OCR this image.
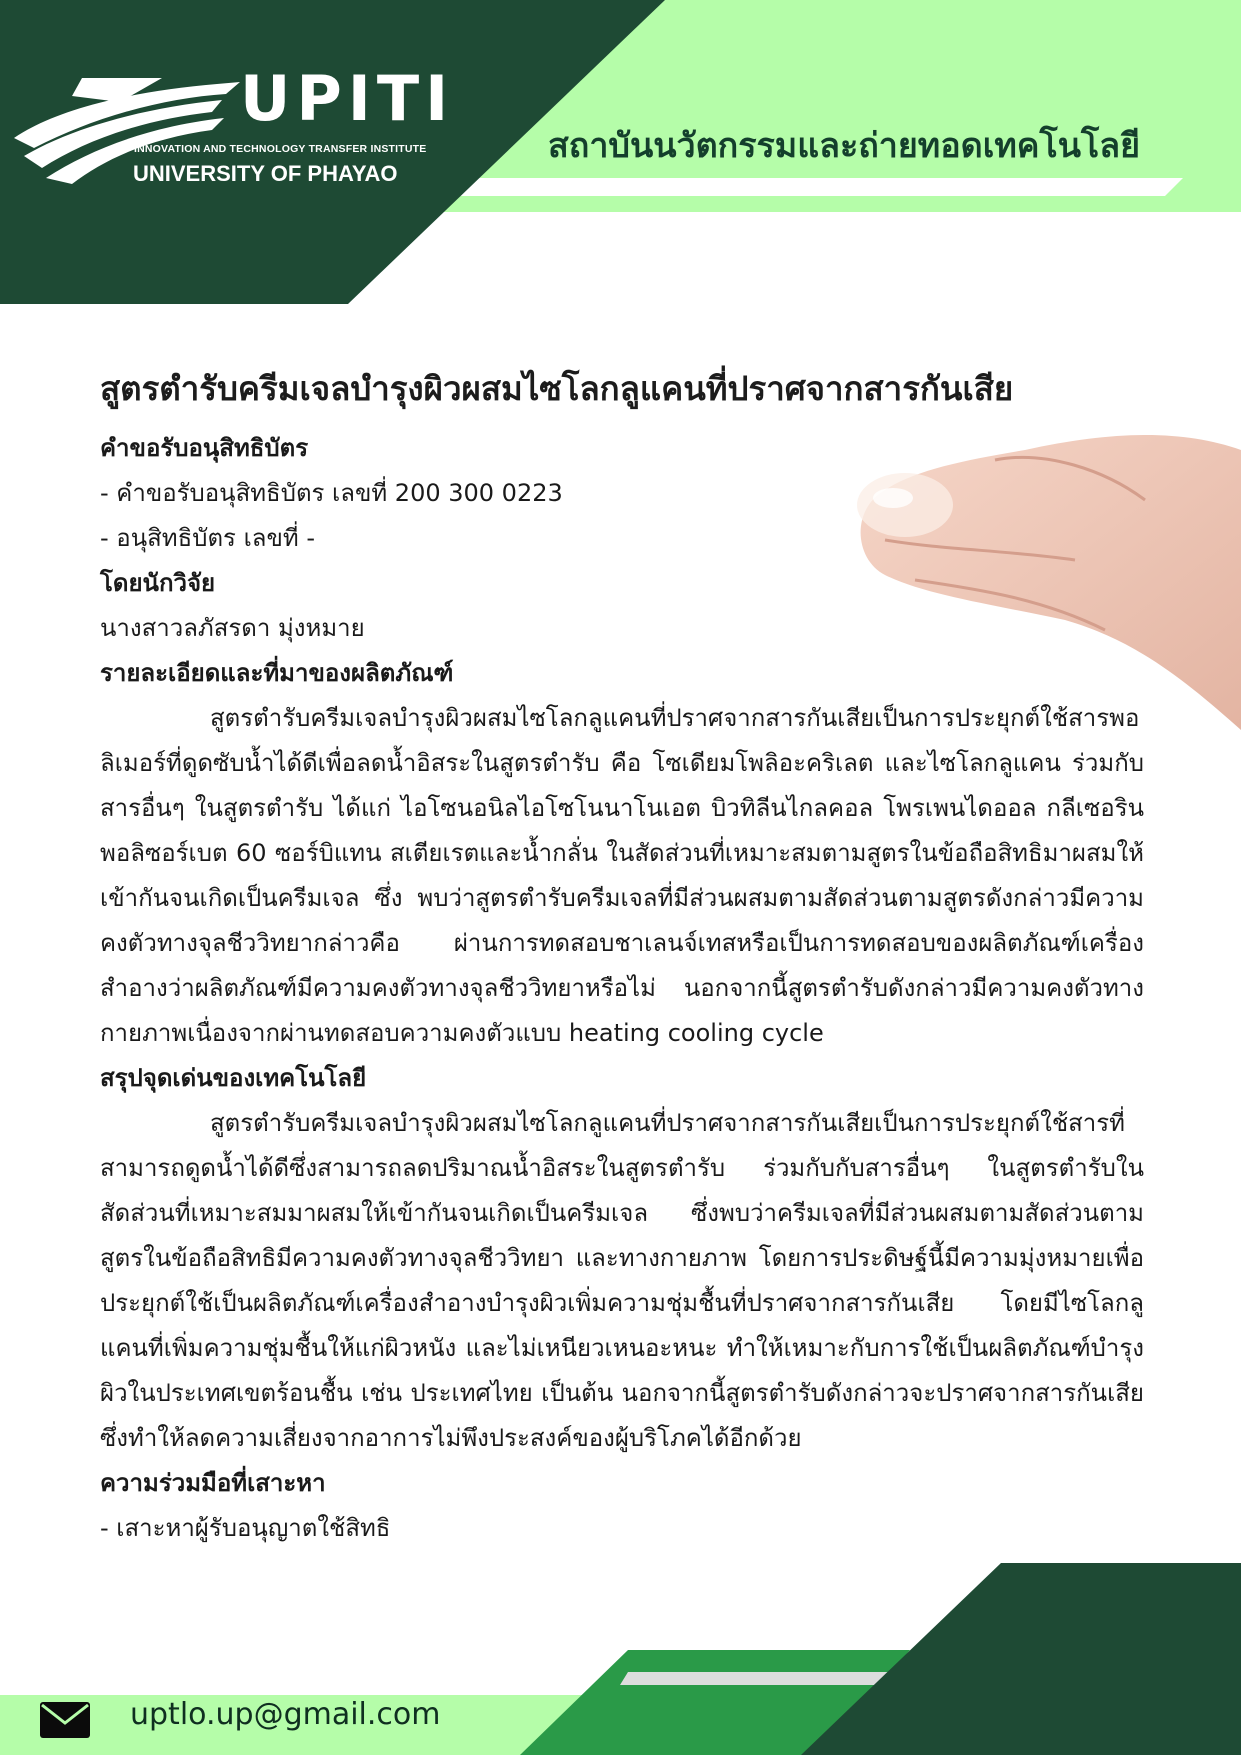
UPITI
INNOVATION AND TECHNOLOGY TRANSFER INSTITUTE
UNIVERSITY OF PHAYAO
สถาบันนวัตกรรมและถ่ายทอดเทคโนโลยี
สูตรตำรับครีมเจลบำรุงผิวผสมไซโลกลูแคนที่ปราศจากสารกันเสีย

คำขอรับอนุสิทธิบัตร

- คำขอรับอนุสิทธิบัตร เลขที่ 200 300 0223

- อนุสิทธิบัตร เลขที่ -

โดยนักวิจัย

นางสาวลภัสรดา มุ่งหมาย

รายละเอียดและที่มาของผลิตภัณฑ์

สูตรตำรับครีมเจลบำรุงผิวผสมไซโลกลูแคนที่ปราศจากสารกันเสียเป็นการประยุกต์ใช้สารพอลิเมอร์ที่ดูดซับน้ำได้ดีเพื่อลดน้ำอิสระในสูตรตำรับ คือ โซเดียมโพลิอะคริเลต และไซโลกลูแคน ร่วมกับสารอื่นๆ ในสูตรตำรับ ได้แก่ ไอโซนอนิลไอโซโนนาโนเอต บิวทิลีนไกลคอล โพรเพนไดออล กลีเซอริน พอลิซอร์เบต 60 ซอร์บิแทน สเตียเรตและน้ำกลั่น ในสัดส่วนที่เหมาะสมตามสูตรในข้อถือสิทธิมาผสมให้เข้ากันจนเกิดเป็นครีมเจล ซึ่ง พบว่าสูตรตำรับครีมเจลที่มีส่วนผสมตามสัดส่วนตามสูตรดังกล่าวมีความคงตัวทางจุลชีววิทยากล่าวคือ ผ่านการทดสอบชาเลนจ์เทสหรือเป็นการทดสอบของผลิตภัณฑ์เครื่องสำอางว่าผลิตภัณฑ์มีความคงตัวทางจุลชีววิทยาหรือไม่ นอกจากนี้สูตรตำรับดังกล่าวมีความคงตัวทางกายภาพเนื่องจากผ่านทดสอบความคงตัวแบบ heating cooling cycle

สรุปจุดเด่นของเทคโนโลยี

สูตรตำรับครีมเจลบำรุงผิวผสมไซโลกลูแคนที่ปราศจากสารกันเสียเป็นการประยุกต์ใช้สารที่สามารถดูดน้ำได้ดีซึ่งสามารถลดปริมาณน้ำอิสระในสูตรตำรับ ร่วมกับกับสารอื่นๆ ในสูตรตำรับในสัดส่วนที่เหมาะสมมาผสมให้เข้ากันจนเกิดเป็นครีมเจล ซึ่งพบว่าครีมเจลที่มีส่วนผสมตามสัดส่วนตามสูตรในข้อถือสิทธิมีความคงตัวทางจุลชีววิทยา และทางกายภาพ โดยการประดิษฐ์นี้มีความมุ่งหมายเพื่อประยุกต์ใช้เป็นผลิตภัณฑ์เครื่องสำอางบำรุงผิวเพิ่มความชุ่มชื้นที่ปราศจากสารกันเสีย โดยมีไซโลกลูแคนที่เพิ่มความชุ่มชื้นให้แก่ผิวหนัง และไม่เหนียวเหนอะหนะ ทำให้เหมาะกับการใช้เป็นผลิตภัณฑ์บำรุงผิวในประเทศเขตร้อนชื้น เช่น ประเทศไทย เป็นต้น นอกจากนี้สูตรตำรับดังกล่าวจะปราศจากสารกันเสียซึ่งทำให้ลดความเสี่ยงจากอาการไม่พึงประสงค์ของผู้บริโภคได้อีกด้วย

ความร่วมมือที่เสาะหา

- เสาะหาผู้รับอนุญาตใช้สิทธิ

uptlo.up@gmail.com
